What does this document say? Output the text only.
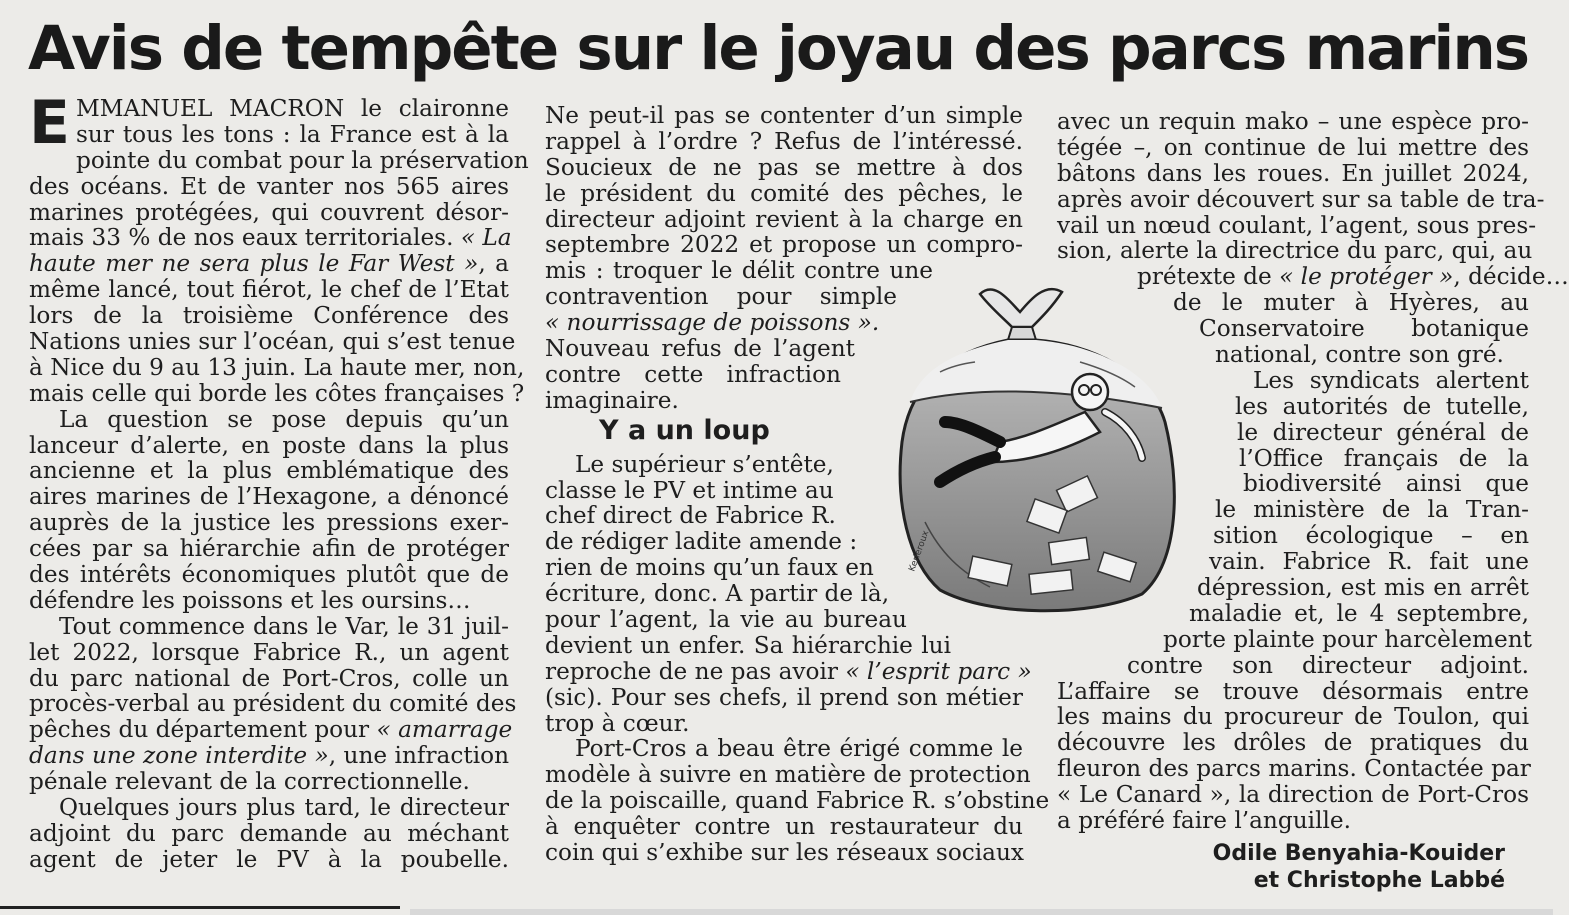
Avis de tempête sur le joyau des parcs marins
E MMANUEL MACRON le claironne
sur tous les tons : la France est à la
pointe du combat pour la préservation
des océans. Et de vanter nos 565 aires
marines protégées, qui couvrent désor-
mais 33 % de nos eaux territoriales. « La
haute mer ne sera plus le Far West », a
même lancé, tout fiérot, le chef de l’Etat
lors de la troisième Conférence des
Nations unies sur l’océan, qui s’est tenue
à Nice du 9 au 13 juin. La haute mer, non,
mais celle qui borde les côtes françaises ?
La question se pose depuis qu’un
lanceur d’alerte, en poste dans la plus
ancienne et la plus emblématique des
aires marines de l’Hexagone, a dénoncé
auprès de la justice les pressions exer-
cées par sa hiérarchie afin de protéger
des intérêts économiques plutôt que de
défendre les poissons et les oursins…
Tout commence dans le Var, le 31 juil-
let 2022, lorsque Fabrice R., un agent
du parc national de Port-Cros, colle un
procès-verbal au président du comité des
pêches du département pour « amarrage
dans une zone interdite », une infraction
pénale relevant de la correctionnelle.
Quelques jours plus tard, le directeur
adjoint du parc demande au méchant
agent de jeter le PV à la poubelle.
Ne peut-il pas se contenter d’un simple
rappel à l’ordre ? Refus de l’intéressé.
Soucieux de ne pas se mettre à dos
le président du comité des pêches, le
directeur adjoint revient à la charge en
septembre 2022 et propose un compro-
mis : troquer le délit contre une
contravention pour simple
« nourrissage de poissons ».
Nouveau refus de l’agent
contre cette infraction
imaginaire.
Y a un loup
Le supérieur s’entête,
classe le PV et intime au
chef direct de Fabrice R.
de rédiger ladite amende :
rien de moins qu’un faux en
écriture, donc. A partir de là,
pour l’agent, la vie au bureau
devient un enfer. Sa hiérarchie lui
reproche de ne pas avoir « l’esprit parc »
(sic). Pour ses chefs, il prend son métier
trop à cœur.
Port-Cros a beau être érigé comme le
modèle à suivre en matière de protection
de la poiscaille, quand Fabrice R. s’obstine
à enquêter contre un restaurateur du
coin qui s’exhibe sur les réseaux sociaux
avec un requin mako – une espèce pro-
tégée –, on continue de lui mettre des
bâtons dans les roues. En juillet 2024,
après avoir découvert sur sa table de tra-
vail un nœud coulant, l’agent, sous pres-
sion, alerte la directrice du parc, qui, au
prétexte de « le protéger », décide…
de le muter à Hyères, au
Conservatoire botanique
national, contre son gré.
Les syndicats alertent
les autorités de tutelle,
le directeur général de
l’Office français de la
biodiversité ainsi que
le ministère de la Tran-
sition écologique – en
vain. Fabrice R. fait une
dépression, est mis en arrêt
maladie et, le 4 septembre,
porte plainte pour harcèlement
contre son directeur adjoint.
L’affaire se trouve désormais entre
les mains du procureur de Toulon, qui
découvre les drôles de pratiques du
fleuron des parcs marins. Contactée par
« Le Canard », la direction de Port-Cros
a préféré faire l’anguille.
Odile Benyahia-Kouider
et Christophe Labbé
Kerleroux
